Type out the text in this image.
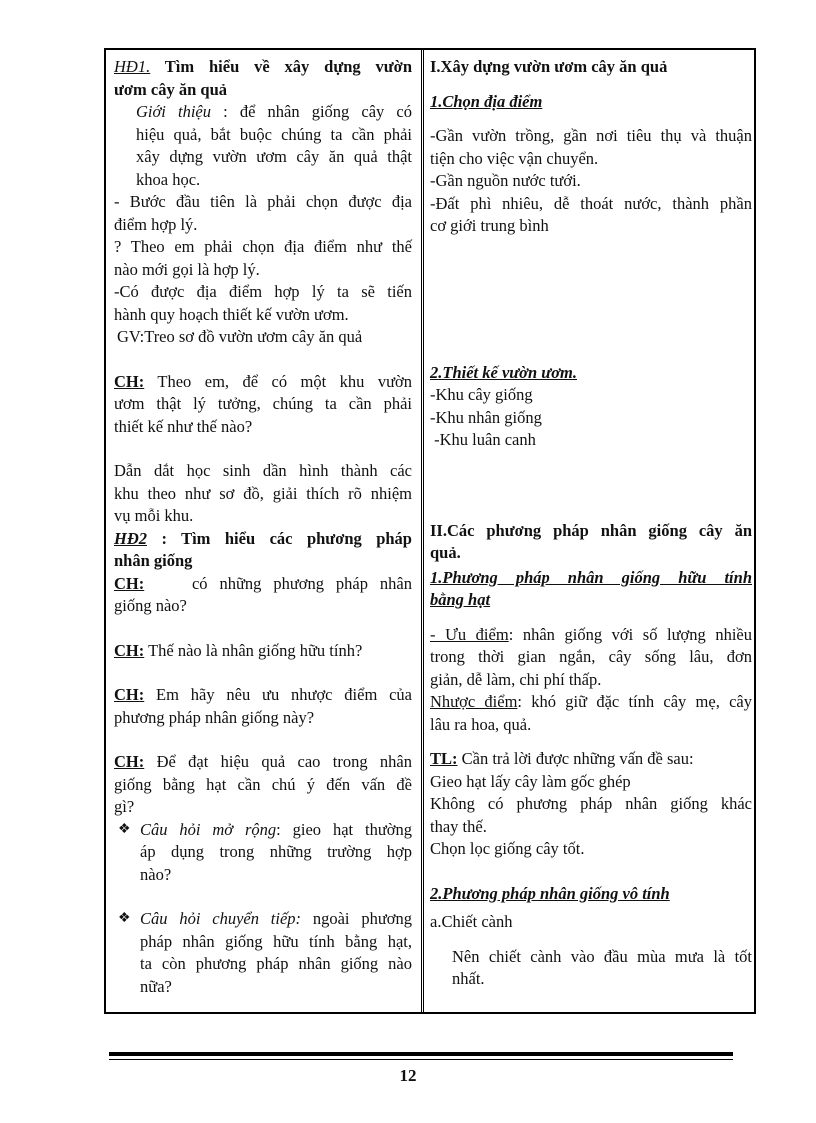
HĐ1. Tìm hiểu về xây dựng vườn

ươm cây ăn quả

Giới thiệu : để nhân giống cây có

hiệu quả, bắt buộc chúng ta cần phải

xây dựng vườn ươm cây ăn quả thật

khoa học.

- Bước đầu tiên là phải chọn được địa

điểm hợp lý.

? Theo em phải chọn địa điểm như thế

nào mới gọi là hợp lý.

-Có được địa điểm hợp lý ta sẽ tiến

hành quy hoạch thiết kế vườn ươm.

GV:Treo sơ đồ vườn ươm cây ăn quả

CH: Theo em, để có một khu vườn

ươm thật lý tưởng, chúng ta cần phải

thiết kế như thế nào?

Dẫn dắt học sinh dần hình thành các

khu theo như sơ đồ, giải thích rõ nhiệm

vụ mỗi khu.

HĐ2 : Tìm hiểu các phương pháp

nhân giống

CH:    có những phương pháp nhân

giống nào?

CH: Thế nào là nhân giống hữu tính?

CH: Em hãy nêu ưu nhược điểm của

phương pháp nhân giống này?

CH: Để đạt hiệu quả cao trong nhân

giống bằng hạt cần chú ý đến vấn đề

gì?

❖ Câu hỏi mở rộng: gieo hạt thường

áp dụng trong những trường hợp

nào?

❖ Câu hỏi chuyển tiếp: ngoài phương

pháp nhân giống hữu tính bằng hạt,

ta còn phương pháp nhân giống nào

nữa?

I.Xây dựng vườn ươm cây ăn quả

1.Chọn địa điểm

-Gần vườn trồng, gần nơi tiêu thụ và thuận

tiện cho việc vận chuyển.

-Gần nguồn nước tưới.

-Đất phì nhiêu, dễ thoát nước, thành phần

cơ giới trung bình

2.Thiết kế vườn ươm.

-Khu cây giống

-Khu nhân giống

-Khu luân canh

II.Các phương pháp nhân giống cây ăn

quả.

1.Phương pháp nhân giống hữu tính

bằng hạt

- Ưu điểm: nhân giống với số lượng nhiều

trong thời gian ngắn, cây sống lâu, đơn

giản, dễ làm, chi phí thấp.

Nhược điểm: khó giữ đặc tính cây mẹ, cây

lâu ra hoa, quả.

TL: Cần trả lời được những vấn đề sau:

Gieo hạt lấy cây làm gốc ghép

Không có phương pháp nhân giống khác

thay thế.

Chọn lọc giống cây tốt.

2.Phương pháp nhân giống vô tính

a.Chiết cành

Nên chiết cành vào đầu mùa mưa là tốt

nhất.

12
